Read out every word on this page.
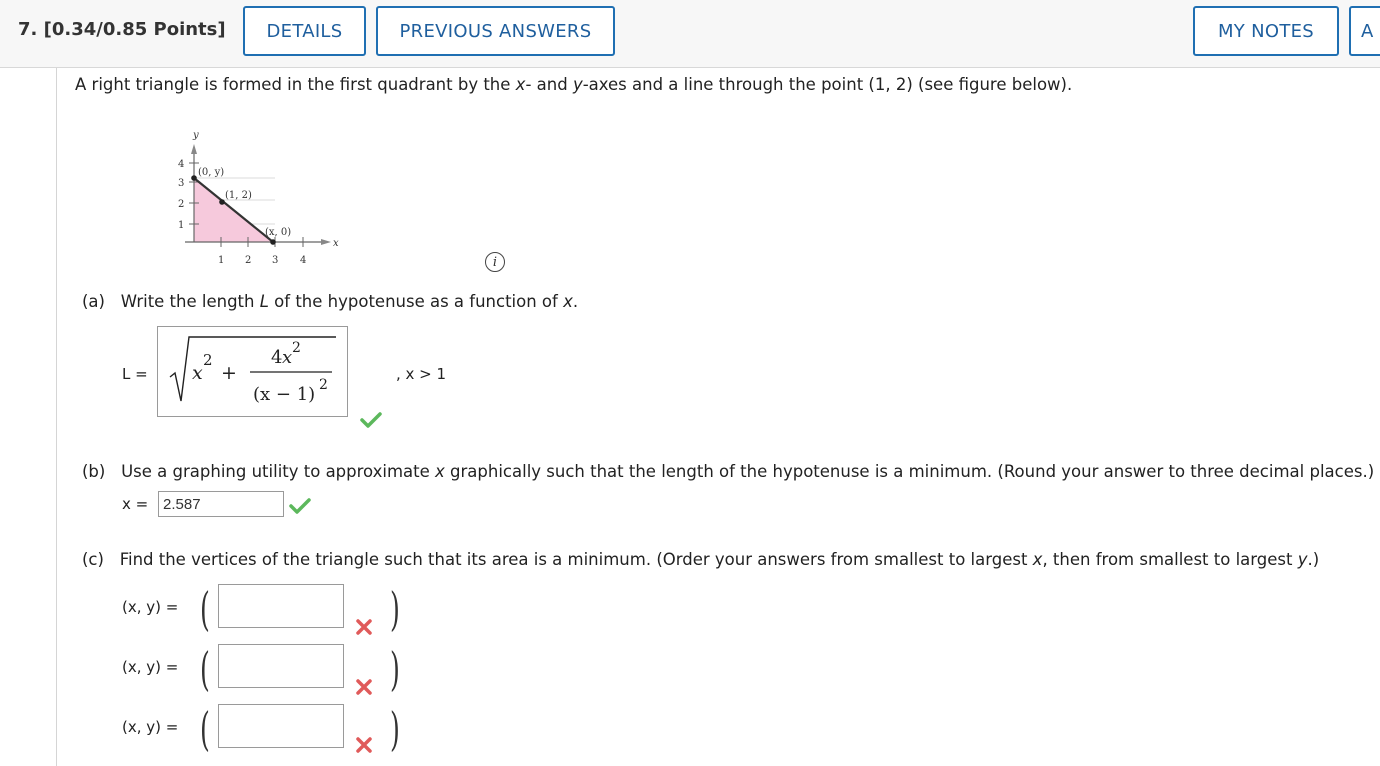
7. [0.34/0.85 Points]	DETAILS	PREVIOUS ANSWERS	MY NOTES	A
A right triangle is formed in the first quadrant by the x- and y-axes and a line through the point (1, 2) (see figure below).
y
x
4
3
2
1
1 2 3 4
(0, y)
(1, 2)
(x, 0)
i
(a) Write the length L of the hypotenuse as a function of x.
L = x
2
+
4 x 2
(x − 1) 2
, x > 1
(b) Use a graphing utility to approximate x graphically such that the length of the hypotenuse is a minimum. (Round your answer to three decimal places.)
x = 2.587
(c) Find the vertices of the triangle such that its area is a minimum. (Order your answers from smallest to largest x, then from smallest to largest y.)
(x, y) = (	)
(x, y) = (	)
(x, y) = (	)
